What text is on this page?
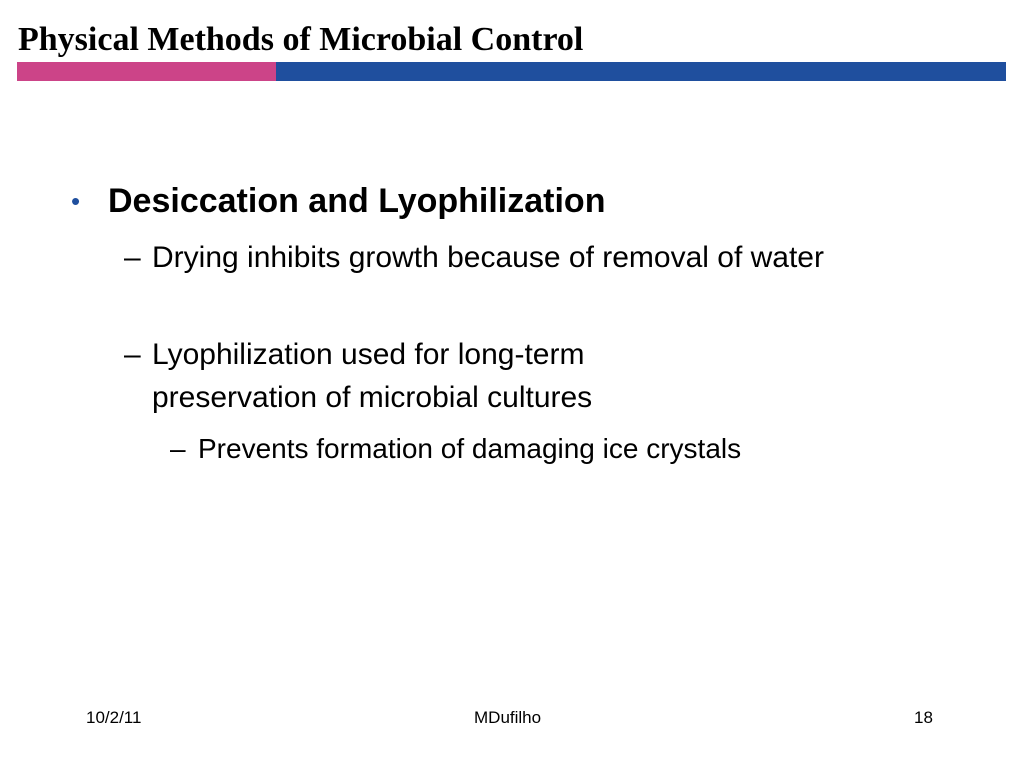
Physical Methods of Microbial Control
• Desiccation and Lyophilization
– Drying inhibits growth because of removal of water
– Lyophilization used for long-term preservation of microbial cultures
– Prevents formation of damaging ice crystals
10/2/11	MDufilho	18
